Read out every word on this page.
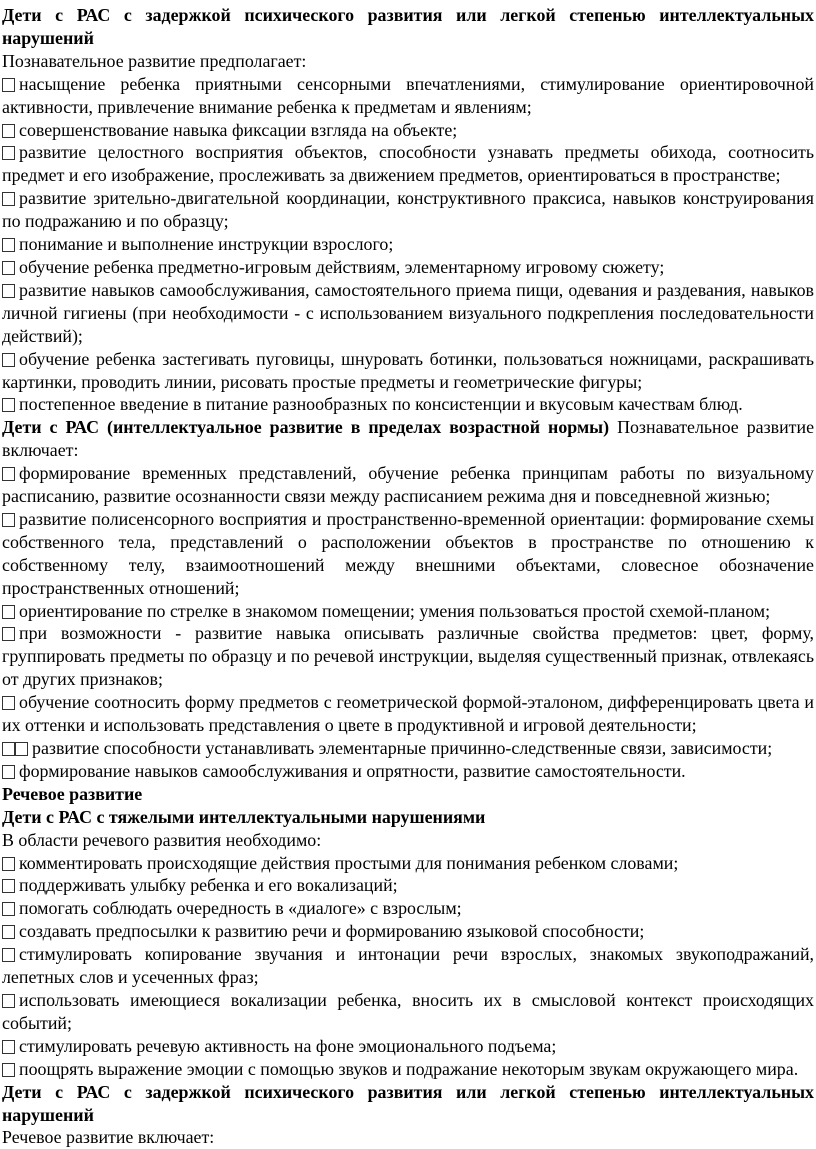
Дети с РАС с задержкой психического развития или легкой степенью интеллектуальных нарушений

Познавательное развитие предполагает:

насыщение ребенка приятными сенсорными впечатлениями, стимулирование ориентировочной активности, привлечение внимание ребенка к предметам и явлениям;

совершенствование навыка фиксации взгляда на объекте;

развитие целостного восприятия объектов, способности узнавать предметы обихода, соотносить предмет и его изображение, прослеживать за движением предметов, ориентироваться в пространстве;

развитие зрительно-двигательной координации, конструктивного праксиса, навыков конструирования по подражанию и по образцу;

понимание и выполнение инструкции взрослого;

обучение ребенка предметно-игровым действиям, элементарному игровому сюжету;

развитие навыков самообслуживания, самостоятельного приема пищи, одевания и раздевания, навыков личной гигиены (при необходимости - с использованием визуального подкрепления последовательности действий);

обучение ребенка застегивать пуговицы, шнуровать ботинки, пользоваться ножницами, раскрашивать картинки, проводить линии, рисовать простые предметы и геометрические фигуры;

постепенное введение в питание разнообразных по консистенции и вкусовым качествам блюд.

Дети с РАС (интеллектуальное развитие в пределах возрастной нормы) Познавательное развитие включает:

формирование временных представлений, обучение ребенка принципам работы по визуальному расписанию, развитие осознанности связи между расписанием режима дня и повседневной жизнью;

развитие полисенсорного восприятия и пространственно-временной ориентации: формирование схемы собственного тела, представлений о расположении объектов в пространстве по отношению к собственному телу, взаимоотношений между внешними объектами, словесное обозначение пространственных отношений;

ориентирование по стрелке в знакомом помещении; умения пользоваться простой схемой-планом;

при возможности - развитие навыка описывать различные свойства предметов: цвет, форму, группировать предметы по образцу и по речевой инструкции, выделяя существенный признак, отвлекаясь от других признаков;

обучение соотносить форму предметов с геометрической формой-эталоном, дифференцировать цвета и их оттенки и использовать представления о цвете в продуктивной и игровой деятельности;

развитие способности устанавливать элементарные причинно-следственные связи, зависимости;

формирование навыков самообслуживания и опрятности, развитие самостоятельности.

Речевое развитие

Дети с РАС с тяжелыми интеллектуальными нарушениями

В области речевого развития необходимо:

комментировать происходящие действия простыми для понимания ребенком словами;

поддерживать улыбку ребенка и его вокализаций;

помогать соблюдать очередность в «диалоге» с взрослым;

создавать предпосылки к развитию речи и формированию языковой способности;

стимулировать копирование звучания и интонации речи взрослых, знакомых звукоподражаний, лепетных слов и усеченных фраз;

использовать имеющиеся вокализации ребенка, вносить их в смысловой контекст происходящих событий;

стимулировать речевую активность на фоне эмоционального подъема;

поощрять выражение эмоции с помощью звуков и подражание некоторым звукам окружающего мира.

Дети с РАС с задержкой психического развития или легкой степенью интеллектуальных нарушений

Речевое развитие включает:
